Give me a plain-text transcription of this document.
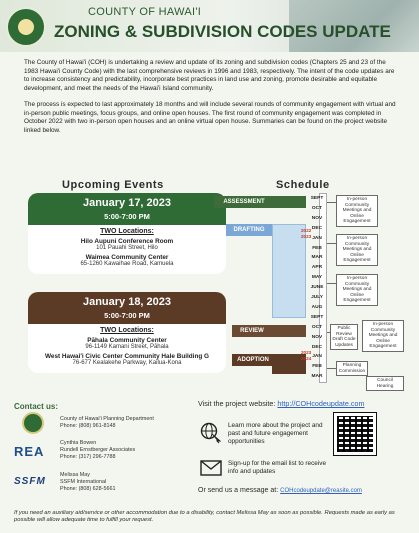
COUNTY OF HAWAI'I
ZONING & SUBDIVISION CODES UPDATE

The County of Hawai'i (COH) is undertaking a review and update of its zoning and subdivision codes (Chapters 25 and 23 of the 1983 Hawai'i County Code) with the last comprehensive reviews in 1996 and 1983, respectively. The intent of the code updates are to increase consistency and predictability, incorporate best practices in land use and zoning, promote desirable and equitable development, and meet the needs of the Hawai'i Island community.

The process is expected to last approximately 18 months and will include several rounds of community engagement with virtual and in-person public meetings, focus groups, and online open houses. The first round of community engagement was completed in October 2022 with two in-person open houses and an online virtual open house. Summaries can be found on the project website linked below.

Upcoming Events
January 17, 2023
5:00-7:00 PM
TWO Locations:
Hilo Aupuni Conference Room
101 Pauahi Street, Hilo
Waimea Community Center
65-1260 Kawaihae Road, Kamuela
January 18, 2023
5:00-7:00 PM
TWO Locations:
Pāhala Community Center
96-1149 Kamani Street, Pāhala
West Hawai'i Civic Center Community Hale Building G
76-677 Kealakehe Parkway, Kailua-Kona
Schedule
ASSESSMENT
DRAFTING
REVIEW
ADOPTION
SEPT
OCT
NOV
DEC
JAN
FEB
MAR
APR
MAY
JUNE
JULY
AUG
SEPT
OCT
NOV
DEC
JAN
FEB
MAR
2022
2023
2023
2024
In-person Community Meetings and Online Engagement
In-person Community Meetings and Online Engagement
In-person Community Meetings and Online Engagement
Public Review Draft Code Updates
In-person Community Meetings and Online Engagement
Planning Commission
Council Hearing
Contact us:
County of Hawai'i Planning Department
Phone: (808) 961-8148
REA
Cynthia Bowen
Rundell Ernstberger Associates
Phone: (317) 296-7788
SSFM
Melissa May
SSFM International
Phone: (808) 628-5661
Visit the project website: http://COHcodeupdate.com
Learn more about the project and past and future engagement opportunities
Sign-up for the email list to receive info and updates
Or send us a message at: COHcodeupdate@reasite.com
If you need an auxiliary aid/service or other accommodation due to a disability, contact Melissa May as soon as possible. Requests made as early as possible will allow adequate time to fulfill your request.
